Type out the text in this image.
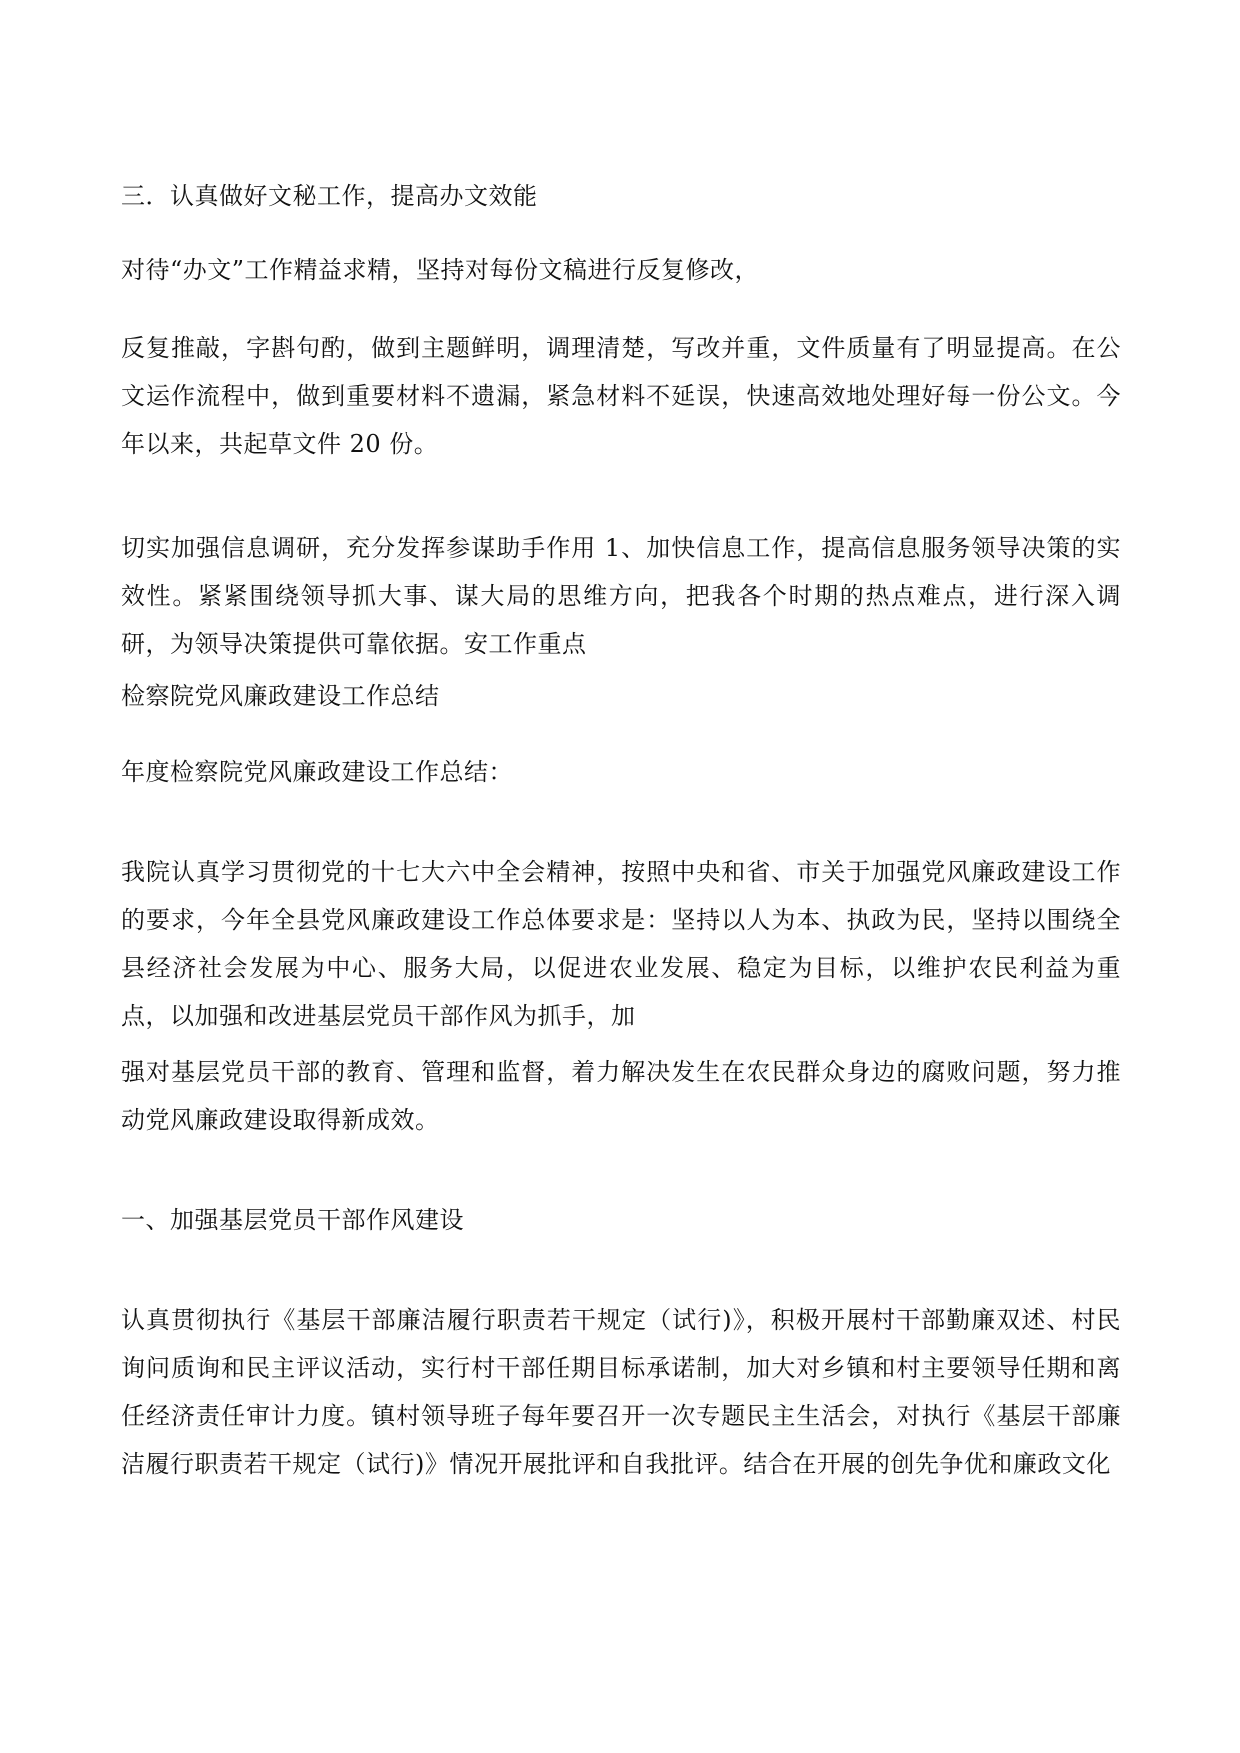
三．认真做好文秘工作，提高办文效能

对待“办文”工作精益求精，坚持对每份文稿进行反复修改，

反复推敲，字斟句酌，做到主题鲜明，调理清楚，写改并重，文件质量有了明显提高。在公文运作流程中，做到重要材料不遗漏，紧急材料不延误，快速高效地处理好每一份公文。今年以来，共起草文件 20 份。

切实加强信息调研，充分发挥参谋助手作用 1、加快信息工作，提高信息服务领导决策的实效性。紧紧围绕领导抓大事、谋大局的思维方向，把我各个时期的热点难点，进行深入调研，为领导决策提供可靠依据。安工作重点

检察院党风廉政建设工作总结

年度检察院党风廉政建设工作总结：

我院认真学习贯彻党的十七大六中全会精神，按照中央和省、市关于加强党风廉政建设工作的要求，今年全县党风廉政建设工作总体要求是：坚持以人为本、执政为民，坚持以围绕全县经济社会发展为中心、服务大局，以促进农业发展、稳定为目标，以维护农民利益为重点，以加强和改进基层党员干部作风为抓手，加

强对基层党员干部的教育、管理和监督，着力解决发生在农民群众身边的腐败问题，努力推动党风廉政建设取得新成效。

一、加强基层党员干部作风建设

认真贯彻执行《基层干部廉洁履行职责若干规定（试行)》，积极开展村干部勤廉双述、村民询问质询和民主评议活动，实行村干部任期目标承诺制，加大对乡镇和村主要领导任期和离任经济责任审计力度。镇村领导班子每年要召开一次专题民主生活会，对执行《基层干部廉洁履行职责若干规定（试行)》情况开展批评和自我批评。结合在开展的创先争优和廉政文化
